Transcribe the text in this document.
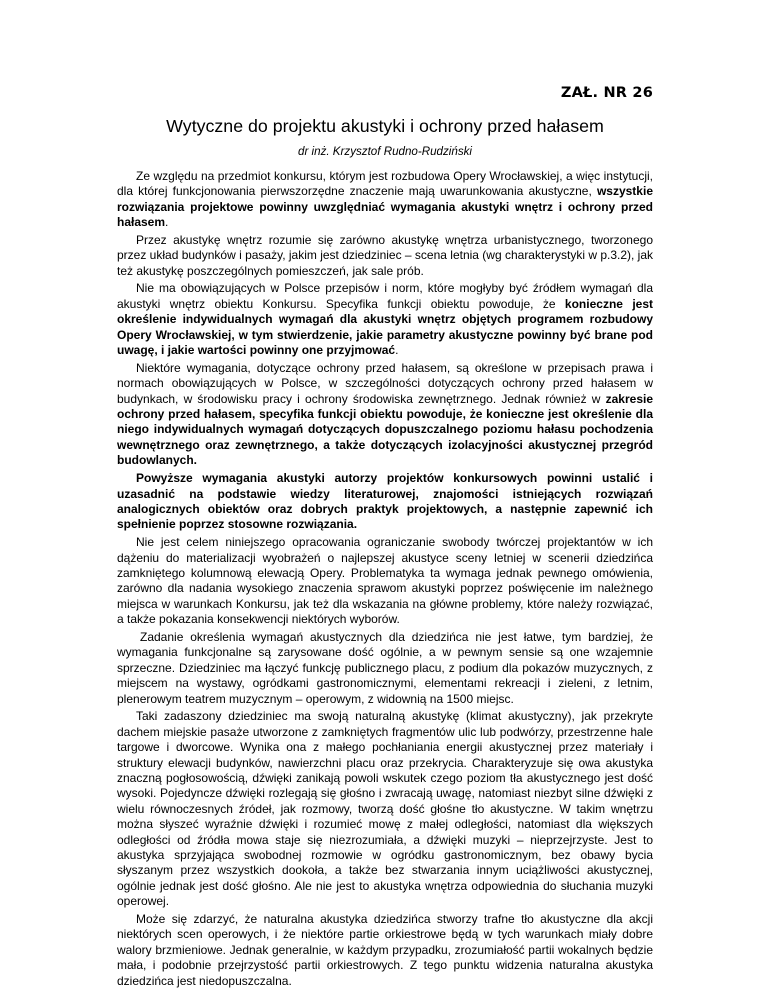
ZAŁ. NR 26
Wytyczne do projektu akustyki i ochrony przed hałasem
dr inż. Krzysztof Rudno-Rudziński

Ze względu na przedmiot konkursu, którym jest rozbudowa Opery Wrocławskiej, a więc instytucji, dla której funkcjonowania pierwszorzędne znaczenie mają uwarunkowania akustyczne, wszystkie rozwiązania projektowe powinny uwzględniać wymagania akustyki wnętrz i ochrony przed hałasem.

Przez akustykę wnętrz rozumie się zarówno akustykę wnętrza urbanistycznego, tworzonego przez układ budynków i pasaży, jakim jest dziedziniec – scena letnia (wg charakterystyki w p.3.2), jak też akustykę poszczególnych pomieszczeń, jak sale prób.

Nie ma obowiązujących w Polsce przepisów i norm, które mogłyby być źródłem wymagań dla akustyki wnętrz obiektu Konkursu. Specyfika funkcji obiektu powoduje, że konieczne jest określenie indywidualnych wymagań dla akustyki wnętrz objętych programem rozbudowy Opery Wrocławskiej, w tym stwierdzenie, jakie parametry akustyczne powinny być brane pod uwagę, i jakie wartości powinny one przyjmować.

Niektóre wymagania, dotyczące ochrony przed hałasem, są określone w przepisach prawa i normach obowiązujących w Polsce, w szczególności dotyczących ochrony przed hałasem w budynkach, w środowisku pracy i ochrony środowiska zewnętrznego. Jednak również w zakresie ochrony przed hałasem, specyfika funkcji obiektu powoduje, że konieczne jest określenie dla niego indywidualnych wymagań dotyczących dopuszczalnego poziomu hałasu pochodzenia wewnętrznego oraz zewnętrznego, a także dotyczących izolacyjności akustycznej przegród budowlanych.

Powyższe wymagania akustyki autorzy projektów konkursowych powinni ustalić i uzasadnić na podstawie wiedzy literaturowej, znajomości istniejących rozwiązań analogicznych obiektów oraz dobrych praktyk projektowych, a następnie zapewnić ich spełnienie poprzez stosowne rozwiązania.

Nie jest celem niniejszego opracowania ograniczanie swobody twórczej projektantów w ich dążeniu do materializacji wyobrażeń o najlepszej akustyce sceny letniej w scenerii dziedzińca zamkniętego kolumnową elewacją Opery. Problematyka ta wymaga jednak pewnego omówienia, zarówno dla nadania wysokiego znaczenia sprawom akustyki poprzez poświęcenie im należnego miejsca w warunkach Konkursu, jak też dla wskazania na główne problemy, które należy rozwiązać, a także pokazania konsekwencji niektórych wyborów.

Zadanie określenia wymagań akustycznych dla dziedzińca nie jest łatwe, tym bardziej, że wymagania funkcjonalne są zarysowane dość ogólnie, a w pewnym sensie są one wzajemnie sprzeczne. Dziedziniec ma łączyć funkcję publicznego placu, z podium dla pokazów muzycznych, z miejscem na wystawy, ogródkami gastronomicznymi, elementami rekreacji i zieleni, z letnim, plenerowym teatrem muzycznym – operowym, z widownią na 1500 miejsc.

Taki zadaszony dziedziniec ma swoją naturalną akustykę (klimat akustyczny), jak przekryte dachem miejskie pasaże utworzone z zamkniętych fragmentów ulic lub podwórzy, przestrzenne hale targowe i dworcowe. Wynika ona z małego pochłaniania energii akustycznej przez materiały i struktury elewacji budynków, nawierzchni placu oraz przekrycia. Charakteryzuje się owa akustyka znaczną pogłosowością, dźwięki zanikają powoli wskutek czego poziom tła akustycznego jest dość wysoki. Pojedyncze dźwięki rozlegają się głośno i zwracają uwagę, natomiast niezbyt silne dźwięki z wielu równoczesnych źródeł, jak rozmowy, tworzą dość głośne tło akustyczne. W takim wnętrzu można słyszeć wyraźnie dźwięki i rozumieć mowę z małej odległości, natomiast dla większych odległości od źródła mowa staje się niezrozumiała, a dźwięki muzyki – nieprzejrzyste. Jest to akustyka sprzyjająca swobodnej rozmowie w ogródku gastronomicznym, bez obawy bycia słyszanym przez wszystkich dookoła, a także bez stwarzania innym uciążliwości akustycznej, ogólnie jednak jest dość głośno. Ale nie jest to akustyka wnętrza odpowiednia do słuchania muzyki operowej.

Może się zdarzyć, że naturalna akustyka dziedzińca stworzy trafne tło akustyczne dla akcji niektórych scen operowych, i że niektóre partie orkiestrowe będą w tych warunkach miały dobre walory brzmieniowe. Jednak generalnie, w każdym przypadku, zrozumiałość partii wokalnych będzie mała, i podobnie przejrzystość partii orkiestrowych. Z tego punktu widzenia naturalna akustyka dziedzińca jest niedopuszczalna.
